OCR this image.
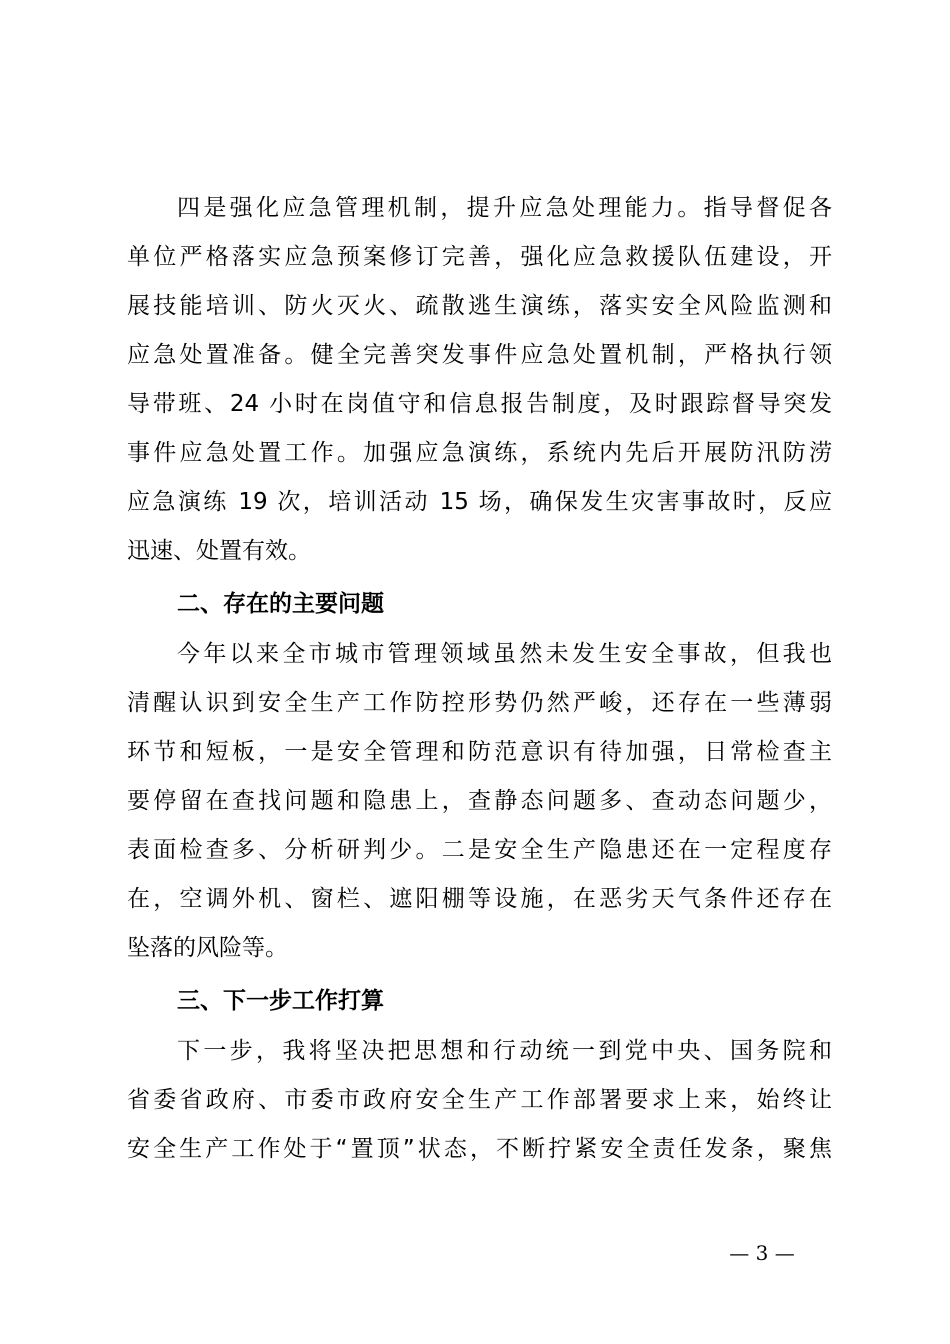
四是强化应急管理机制，提升应急处理能力。指导督促各
单位严格落实应急预案修订完善，强化应急救援队伍建设，开
展技能培训、防火灭火、疏散逃生演练，落实安全风险监测和
应急处置准备。健全完善突发事件应急处置机制，严格执行领
导带班、24 小时在岗值守和信息报告制度，及时跟踪督导突发
事件应急处置工作。加强应急演练，系统内先后开展防汛防涝
应急演练 19 次，培训活动 15 场，确保发生灾害事故时，反应
迅速、处置有效。
二、存在的主要问题
今年以来全市城市管理领域虽然未发生安全事故，但我也
清醒认识到安全生产工作防控形势仍然严峻，还存在一些薄弱
环节和短板，一是安全管理和防范意识有待加强，日常检查主
要停留在查找问题和隐患上，查静态问题多、查动态问题少，
表面检查多、分析研判少。二是安全生产隐患还在一定程度存
在，空调外机、窗栏、遮阳棚等设施，在恶劣天气条件还存在
坠落的风险等。
三、下一步工作打算
下一步，我将坚决把思想和行动统一到党中央、国务院和
省委省政府、市委市政府安全生产工作部署要求上来，始终让
安全生产工作处于“置顶”状态，不断拧紧安全责任发条，聚焦
— 3 —
